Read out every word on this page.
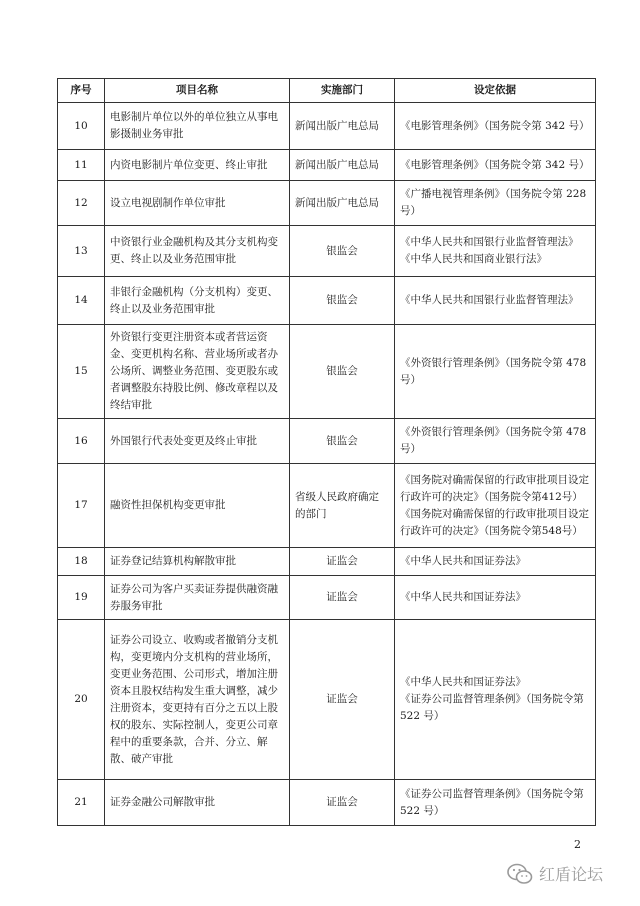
序号	项目名称	实施部门	设定依据
10	电影制片单位以外的单位独立从事电影摄制业务审批	新闻出版广电总局	《电影管理条例》（国务院令第 342 号）
11	内资电影制片单位变更、终止审批	新闻出版广电总局	《电影管理条例》（国务院令第 342 号）
12	设立电视剧制作单位审批	新闻出版广电总局	《广播电视管理条例》（国务院令第 228 号）
13	中资银行业金融机构及其分支机构变更、终止以及业务范围审批	银监会	《中华人民共和国银行业监督管理法》
《中华人民共和国商业银行法》
14	非银行金融机构（分支机构）变更、终止以及业务范围审批	银监会	《中华人民共和国银行业监督管理法》
15	外资银行变更注册资本或者营运资金、变更机构名称、营业场所或者办公场所、调整业务范围、变更股东或者调整股东持股比例、修改章程以及终结审批	银监会	《外资银行管理条例》（国务院令第 478 号）
16	外国银行代表处变更及终止审批	银监会	《外资银行管理条例》（国务院令第 478 号）
17	融资性担保机构变更审批	省级人民政府确定的部门	《国务院对确需保留的行政审批项目设定行政许可的决定》（国务院令第412号）
《国务院对确需保留的行政审批项目设定行政许可的决定》（国务院令第548号）
18	证券登记结算机构解散审批	证监会	《中华人民共和国证券法》
19	证券公司为客户买卖证券提供融资融券服务审批	证监会	《中华人民共和国证券法》
20	证券公司设立、收购或者撤销分支机构，变更境内分支机构的营业场所，变更业务范围、公司形式，增加注册资本且股权结构发生重大调整，减少注册资本，变更持有百分之五以上股权的股东、实际控制人，变更公司章程中的重要条款，合并、分立、解散、破产审批	证监会	《中华人民共和国证券法》
《证券公司监督管理条例》（国务院令第 522 号）
21	证券金融公司解散审批	证监会	《证券公司监督管理条例》（国务院令第 522 号）
2
红盾论坛
